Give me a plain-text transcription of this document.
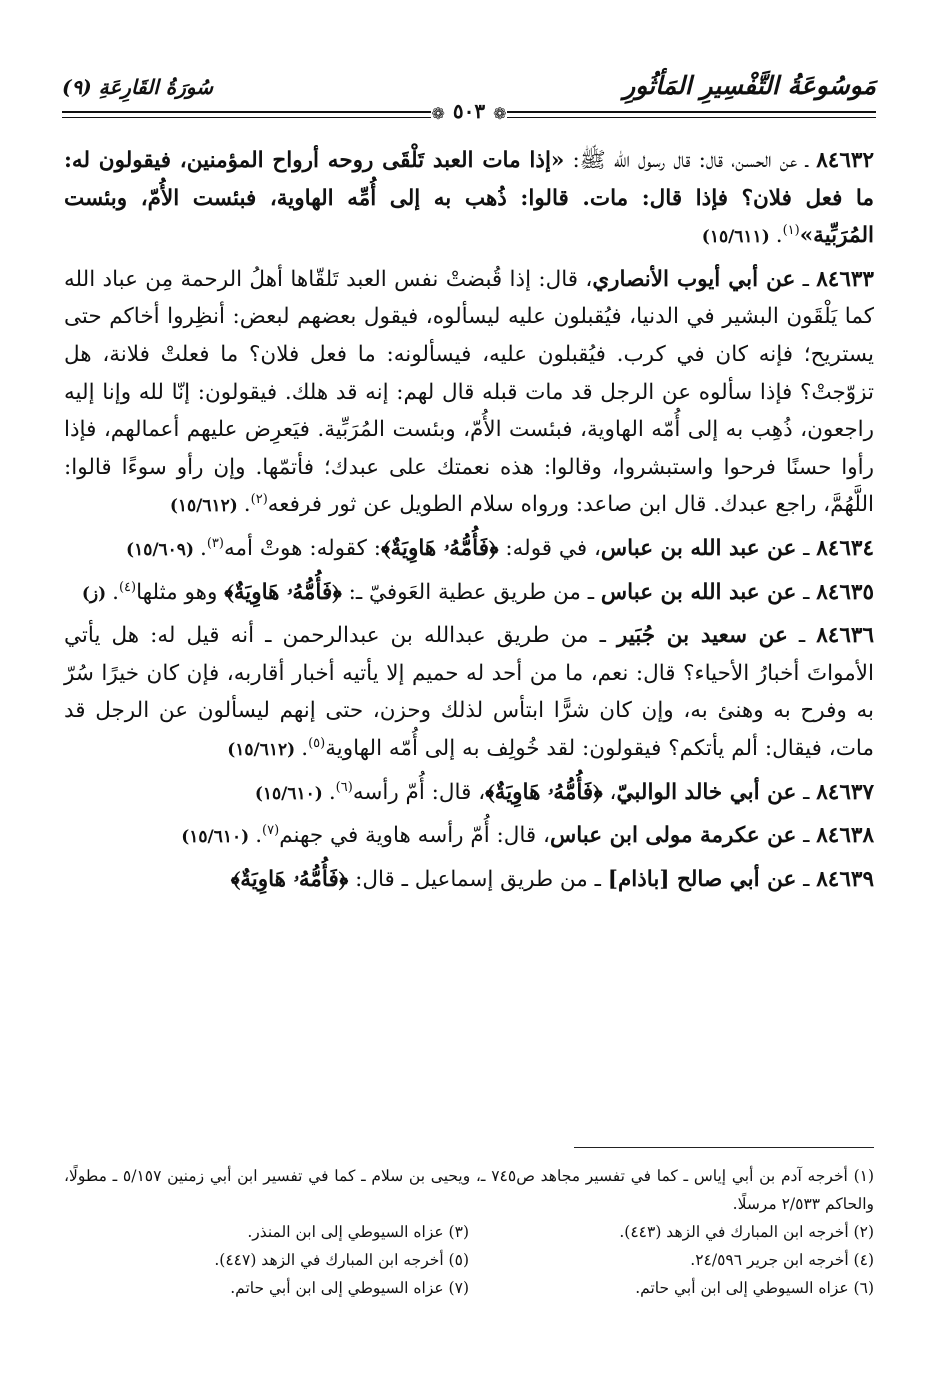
مَوسُوعَةُ التَّفْسِيرِ المَأثُورِ
سُورَةُ القَارِعَةِ (٩)
❁٥٠٣❁

٨٤٦٣٢ ـ عن الحسن، قال: قال رسول الله ﷺ: «إذا مات العبد تَلْقَى روحه أرواح المؤمنين، فيقولون له: ما فعل فلان؟ فإذا قال: مات. قالوا: ذُهب به إلى أُمِّه الهاوية، فبئست الأُمّ، وبئست المُرَبِّية»$^{(١)}$.(١٥/٦١١)

٨٤٦٣٣ ـ عن أبي أيوب الأنصاري، قال: إذا قُبضتْ نفس العبد تَلقّاها أهلُ الرحمة مِن عباد الله كما يَلْقَون البشير في الدنيا، فيُقبلون عليه ليسألوه، فيقول بعضهم لبعض: أنظِروا أخاكم حتى يستريح؛ فإنه كان في كرب. فيُقبلون عليه، فيسألونه: ما فعل فلان؟ ما فعلتْ فلانة، هل تزوّجتْ؟ فإذا سألوه عن الرجل قد مات قبله قال لهم: إنه قد هلك. فيقولون: إنّا لله وإنا إليه راجعون، ذُهِب به إلى أُمّه الهاوية، فبئست الأُمّ، وبئست المُرَبِّية. فيَعرِض عليهم أعمالهم، فإذا رأوا حسنًا فرحوا واستبشروا، وقالوا: هذه نعمتك على عبدك؛ فأتمّها. وإن رأو سوءًا قالوا: اللَّهُمَّ، راجع عبدك. قال ابن صاعد: ورواه سلام الطويل عن ثور فرفعه$^{(٢)}$.(١٥/٦١٢)

٨٤٦٣٤ ـ عن عبد الله بن عباس، في قوله: ﴿فَأُمُّهُۥ هَاوِيَةٌ﴾: كقوله: هوتْ أمه$^{(٣)}$.(١٥/٦٠٩)

٨٤٦٣٥ ـ عن عبد الله بن عباس ـ من طريق عطية العَوفيّ ـ: ﴿فَأُمُّهُۥ هَاوِيَةٌ﴾ وهو مثلها$^{(٤)}$.(ز)

٨٤٦٣٦ ـ عن سعيد بن جُبَير ـ من طريق عبدالله بن عبدالرحمن ـ أنه قيل له: هل يأتي الأمواتَ أخبارُ الأحياء؟ قال: نعم، ما من أحد له حميم إلا يأتيه أخبار أقاربه، فإن كان خيرًا سُرّ به وفرح به وهنئ به، وإن كان شرًّا ابتأس لذلك وحزن، حتى إنهم ليسألون عن الرجل قد مات، فيقال: ألم يأتكم؟ فيقولون: لقد خُولِف به إلى أُمّه الهاوية$^{(٥)}$.(١٥/٦١٢)

٨٤٦٣٧ ـ عن أبي خالد الوالبيّ، ﴿فَأُمُّهُۥ هَاوِيَةٌ﴾، قال: أُمّ رأسه$^{(٦)}$.(١٥/٦١٠)

٨٤٦٣٨ ـ عن عكرمة مولى ابن عباس، قال: أُمّ رأسه هاوية في جهنم$^{(٧)}$.(١٥/٦١٠)

٨٤٦٣٩ ـ عن أبي صالح [باذام] ـ من طريق إسماعيل ـ قال: ﴿فَأُمُّهُۥ هَاوِيَةٌ﴾

(١) أخرجه آدم بن أبي إياس ـ كما في تفسير مجاهد ص٧٤٥ ـ، ويحيى بن سلام ـ كما في تفسير ابن أبي زمنين ٥/١٥٧ ـ مطولًا، والحاكم ٢/٥٣٣ مرسلًا.
(٢) أخرجه ابن المبارك في الزهد (٤٤٣).
(٣) عزاه السيوطي إلى ابن المنذر.
(٤) أخرجه ابن جرير ٢٤/٥٩٦.
(٥) أخرجه ابن المبارك في الزهد (٤٤٧).
(٦) عزاه السيوطي إلى ابن أبي حاتم.
(٧) عزاه السيوطي إلى ابن أبي حاتم.
